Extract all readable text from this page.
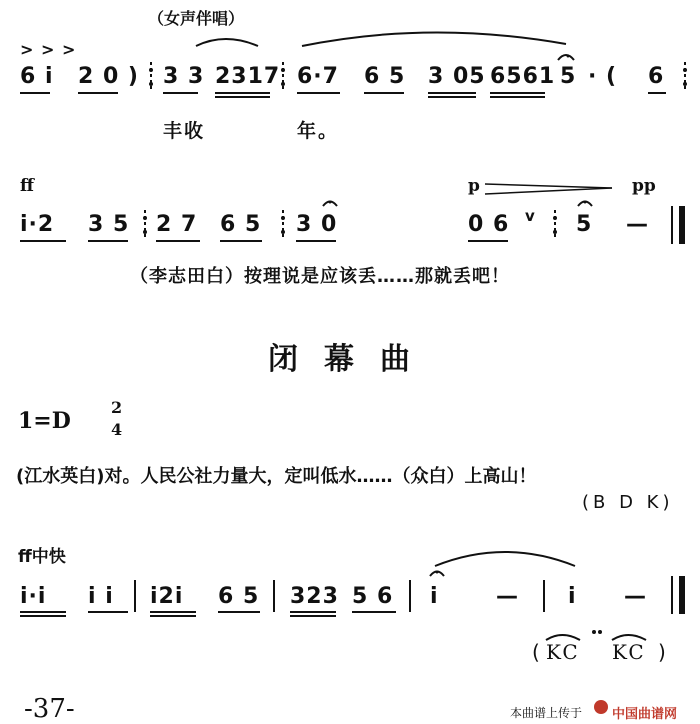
（女声伴唱）
> > >
6 i 2 0 ) 3 3 2317 6·7 6 5 3 05 6561 5 · ( 6
丰收	年。
ff	p	pp
i·2 3 5 2 7 6 5 3 0	0 6 v 5 —
（李志田白）按理说是应该丢……那就丢吧！
闭幕曲
1=D
2
4
(江水英白)对。人民公社力量大，定叫低水……（众白）上高山！
(B D K)
ff中快
i·i i i i2i 6 5 323 5 6 i	— i —
( KC KC )
-37-	本曲谱上传于 中国曲谱网
